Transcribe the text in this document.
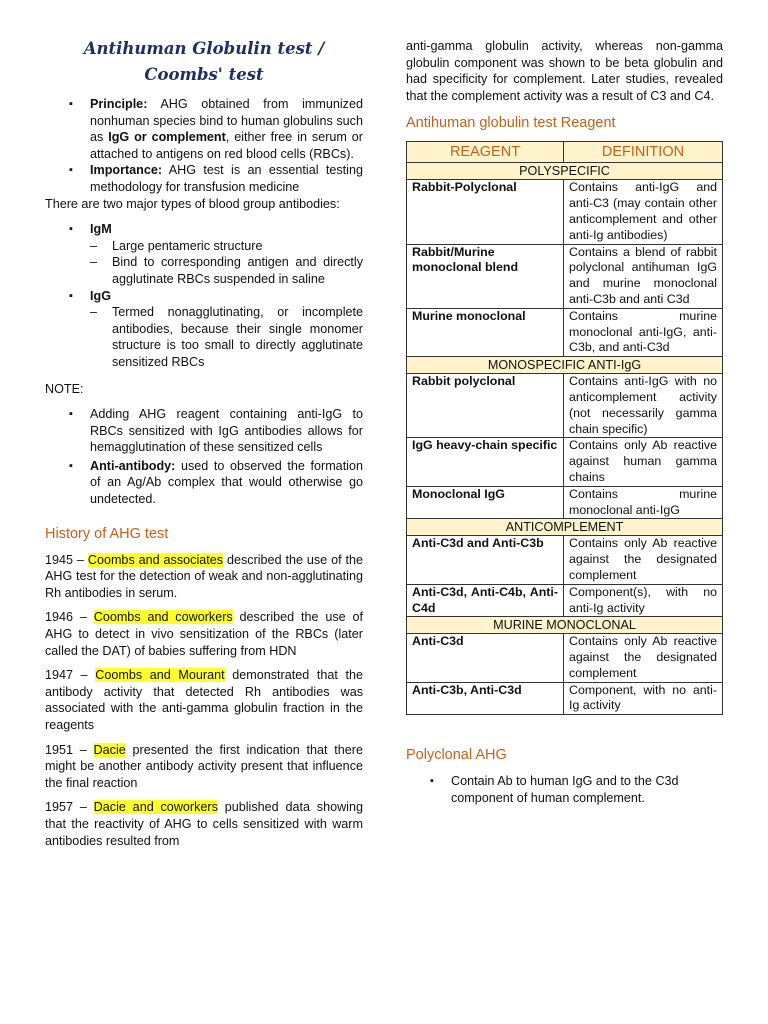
Antihuman Globulin test / Coombs' test
▪ Principle: AHG obtained from immunized nonhuman species bind to human globulins such as IgG or complement, either free in serum or attached to antigens on red blood cells (RBCs).
▪ Importance: AHG test is an essential testing methodology for transfusion medicine

There are two major types of blood group antibodies:

▪ IgM
– Large pentameric structure
– Bind to corresponding antigen and directly agglutinate RBCs suspended in saline
▪ IgG
– Termed nonagglutinating, or incomplete antibodies, because their single monomer structure is too small to directly agglutinate sensitized RBCs

NOTE:

▪ Adding AHG reagent containing anti-IgG to RBCs sensitized with IgG antibodies allows for hemagglutination of these sensitized cells
▪ Anti-antibody: used to observed the formation of an Ag/Ab complex that would otherwise go undetected.
History of AHG test

1945 – Coombs and associates described the use of the AHG test for the detection of weak and non-agglutinating Rh antibodies in serum.

1946 – Coombs and coworkers described the use of AHG to detect in vivo sensitization of the RBCs (later called the DAT) of babies suffering from HDN

1947 – Coombs and Mourant demonstrated that the antibody activity that detected Rh antibodies was associated with the anti-gamma globulin fraction in the reagents

1951 – Dacie presented the first indication that there might be another antibody activity present that influence the final reaction

1957 – Dacie and coworkers published data showing that the reactivity of AHG to cells sensitized with warm antibodies resulted from

anti-gamma globulin activity, whereas non-gamma globulin component was shown to be beta globulin and had specificity for complement. Later studies, revealed that the complement activity was a result of C3 and C4.

Antihuman globulin test Reagent
REAGENT	DEFINITION
POLYSPECIFIC	
Rabbit-Polyclonal	Contains anti-IgG and anti-C3 (may contain other anticomplement and other anti-Ig antibodies)
Rabbit/Murine monoclonal blend	Contains a blend of rabbit polyclonal antihuman IgG and murine monoclonal anti-C3b and anti C3d
Murine monoclonal	Contains murine monoclonal anti-IgG, anti-C3b, and anti-C3d
MONOSPECIFIC ANTI-IgG	
Rabbit polyclonal	Contains anti-IgG with no anticomplement activity (not necessarily gamma chain specific)
IgG heavy-chain specific	Contains only Ab reactive against human gamma chains
Monoclonal IgG	Contains murine monoclonal anti-IgG
ANTICOMPLEMENT	
Anti-C3d and Anti-C3b	Contains only Ab reactive against the designated complement
Anti-C3d, Anti-C4b, Anti-C4d	Component(s), with no anti-Ig activity
MURINE MONOCLONAL	
Anti-C3d	Contains only Ab reactive against the designated complement
Anti-C3b, Anti-C3d	Component, with no anti-Ig activity
Polyclonal AHG
▪ Contain Ab to human IgG and to the C3d component of human complement.
